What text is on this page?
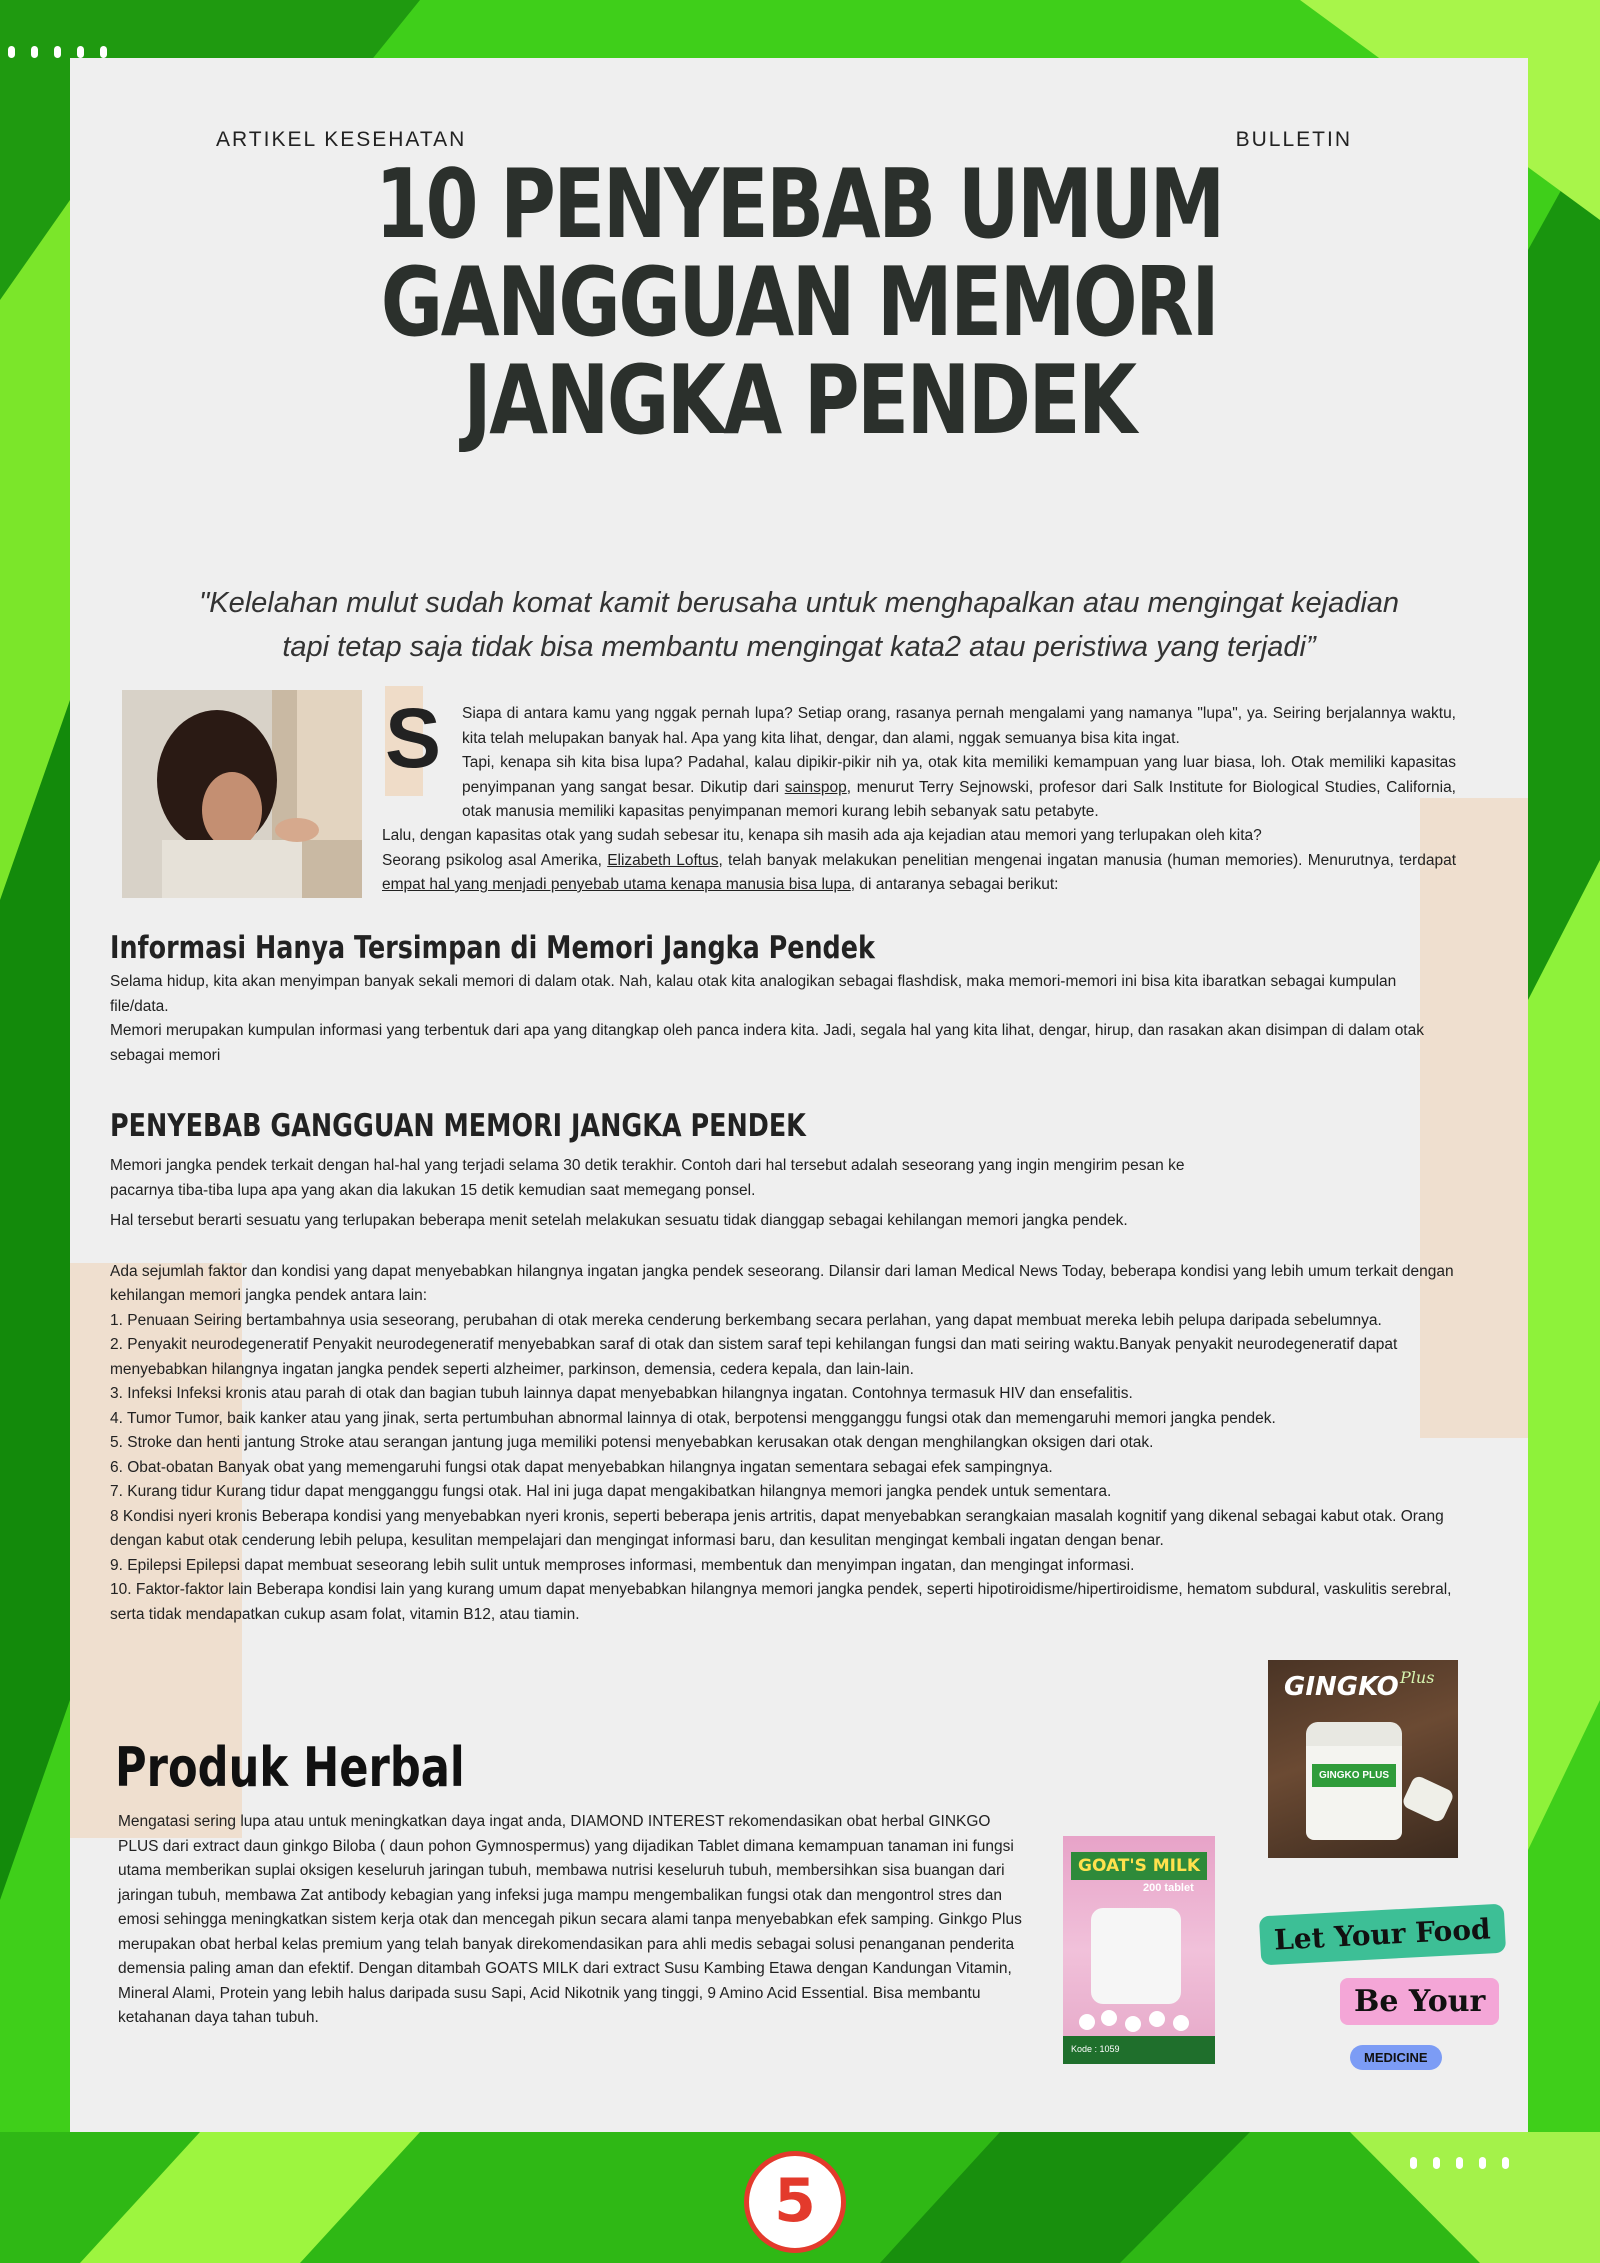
ARTIKEL KESEHATAN	BULLETIN
10 PENYEBAB UMUM
GANGGUAN MEMORI
JANGKA PENDEK
"Kelelahan mulut sudah komat kamit berusaha untuk menghapalkan atau mengingat kejadian
tapi tetap saja tidak bisa membantu mengingat kata2 atau peristiwa yang terjadi”
S Siapa di antara kamu yang nggak pernah lupa? Setiap orang, rasanya pernah mengalami yang namanya "lupa", ya. Seiring berjalannya waktu, kita telah melupakan banyak hal. Apa yang kita lihat, dengar, dan alami, nggak semuanya bisa kita ingat.
Tapi, kenapa sih kita bisa lupa? Padahal, kalau dipikir-pikir nih ya, otak kita memiliki kemampuan yang luar biasa, loh. Otak memiliki kapasitas penyimpanan yang sangat besar. Dikutip dari sainspop, menurut Terry Sejnowski, profesor dari Salk Institute for Biological Studies, California, otak manusia memiliki kapasitas penyimpanan memori kurang lebih sebanyak satu petabyte.
Lalu, dengan kapasitas otak yang sudah sebesar itu, kenapa sih masih ada aja kejadian atau memori yang terlupakan oleh kita?
Seorang psikolog asal Amerika, Elizabeth Loftus, telah banyak melakukan penelitian mengenai ingatan manusia (human memories). Menurutnya, terdapat empat hal yang menjadi penyebab utama kenapa manusia bisa lupa, di antaranya sebagai berikut:
Informasi Hanya Tersimpan di Memori Jangka Pendek
Selama hidup, kita akan menyimpan banyak sekali memori di dalam otak. Nah, kalau otak kita analogikan sebagai flashdisk, maka memori-memori ini bisa kita ibaratkan sebagai kumpulan file/data.
Memori merupakan kumpulan informasi yang terbentuk dari apa yang ditangkap oleh panca indera kita. Jadi, segala hal yang kita lihat, dengar, hirup, dan rasakan akan disimpan di dalam otak sebagai memori
PENYEBAB GANGGUAN MEMORI JANGKA PENDEK
Memori jangka pendek terkait dengan hal-hal yang terjadi selama 30 detik terakhir. Contoh dari hal tersebut adalah seseorang yang ingin mengirim pesan ke
pacarnya tiba-tiba lupa apa yang akan dia lakukan 15 detik kemudian saat memegang ponsel.
Hal tersebut berarti sesuatu yang terlupakan beberapa menit setelah melakukan sesuatu tidak dianggap sebagai kehilangan memori jangka pendek.
Ada sejumlah faktor dan kondisi yang dapat menyebabkan hilangnya ingatan jangka pendek seseorang. Dilansir dari laman Medical News Today, beberapa kondisi yang lebih umum terkait dengan kehilangan memori jangka pendek antara lain:
1. Penuaan Seiring bertambahnya usia seseorang, perubahan di otak mereka cenderung berkembang secara perlahan, yang dapat membuat mereka lebih pelupa daripada sebelumnya.
2. Penyakit neurodegeneratif Penyakit neurodegeneratif menyebabkan saraf di otak dan sistem saraf tepi kehilangan fungsi dan mati seiring waktu.Banyak penyakit neurodegeneratif dapat menyebabkan hilangnya ingatan jangka pendek seperti alzheimer, parkinson, demensia, cedera kepala, dan lain-lain.
3. Infeksi Infeksi kronis atau parah di otak dan bagian tubuh lainnya dapat menyebabkan hilangnya ingatan. Contohnya termasuk HIV dan ensefalitis.
4. Tumor Tumor, baik kanker atau yang jinak, serta pertumbuhan abnormal lainnya di otak, berpotensi mengganggu fungsi otak dan memengaruhi memori jangka pendek.
5. Stroke dan henti jantung Stroke atau serangan jantung juga memiliki potensi menyebabkan kerusakan otak dengan menghilangkan oksigen dari otak.
6. Obat-obatan Banyak obat yang memengaruhi fungsi otak dapat menyebabkan hilangnya ingatan sementara sebagai efek sampingnya.
7. Kurang tidur Kurang tidur dapat mengganggu fungsi otak. Hal ini juga dapat mengakibatkan hilangnya memori jangka pendek untuk sementara.
8 Kondisi nyeri kronis Beberapa kondisi yang menyebabkan nyeri kronis, seperti beberapa jenis artritis, dapat menyebabkan serangkaian masalah kognitif yang dikenal sebagai kabut otak. Orang dengan kabut otak cenderung lebih pelupa, kesulitan mempelajari dan mengingat informasi baru, dan kesulitan mengingat kembali ingatan dengan benar.
9. Epilepsi Epilepsi dapat membuat seseorang lebih sulit untuk memproses informasi, membentuk dan menyimpan ingatan, dan mengingat informasi.
10. Faktor-faktor lain Beberapa kondisi lain yang kurang umum dapat menyebabkan hilangnya memori jangka pendek, seperti hipotiroidisme/hipertiroidisme, hematom subdural, vaskulitis serebral, serta tidak mendapatkan cukup asam folat, vitamin B12, atau tiamin.
Produk Herbal
Mengatasi sering lupa atau untuk meningkatkan daya ingat anda, DIAMOND INTEREST rekomendasikan obat herbal GINKGO PLUS dari extract daun ginkgo Biloba ( daun pohon Gymnospermus) yang dijadikan Tablet dimana kemampuan tanaman ini fungsi utama memberikan suplai oksigen keseluruh jaringan tubuh, membawa nutrisi keseluruh tubuh, membersihkan sisa buangan dari jaringan tubuh, membawa Zat antibody kebagian yang infeksi juga mampu mengembalikan fungsi otak dan mengontrol stres dan emosi sehingga meningkatkan sistem kerja otak dan mencegah pikun secara alami tanpa menyebabkan efek samping. Ginkgo Plus merupakan obat herbal kelas premium yang telah banyak direkomendasikan para ahli medis sebagai solusi penanganan penderita demensia paling aman dan efektif. Dengan ditambah GOATS MILK dari extract Susu Kambing Etawa dengan Kandungan Vitamin, Mineral Alami, Protein yang lebih halus daripada susu Sapi, Acid Nikotnik yang tinggi, 9 Amino Acid Essential. Bisa membantu ketahanan daya tahan tubuh.
GINGKO Plus
GINGKO PLUS
GOAT'S MILK
200 tablet
Kode : 1059
Let Your Food
Be Your
MEDICINE
5
